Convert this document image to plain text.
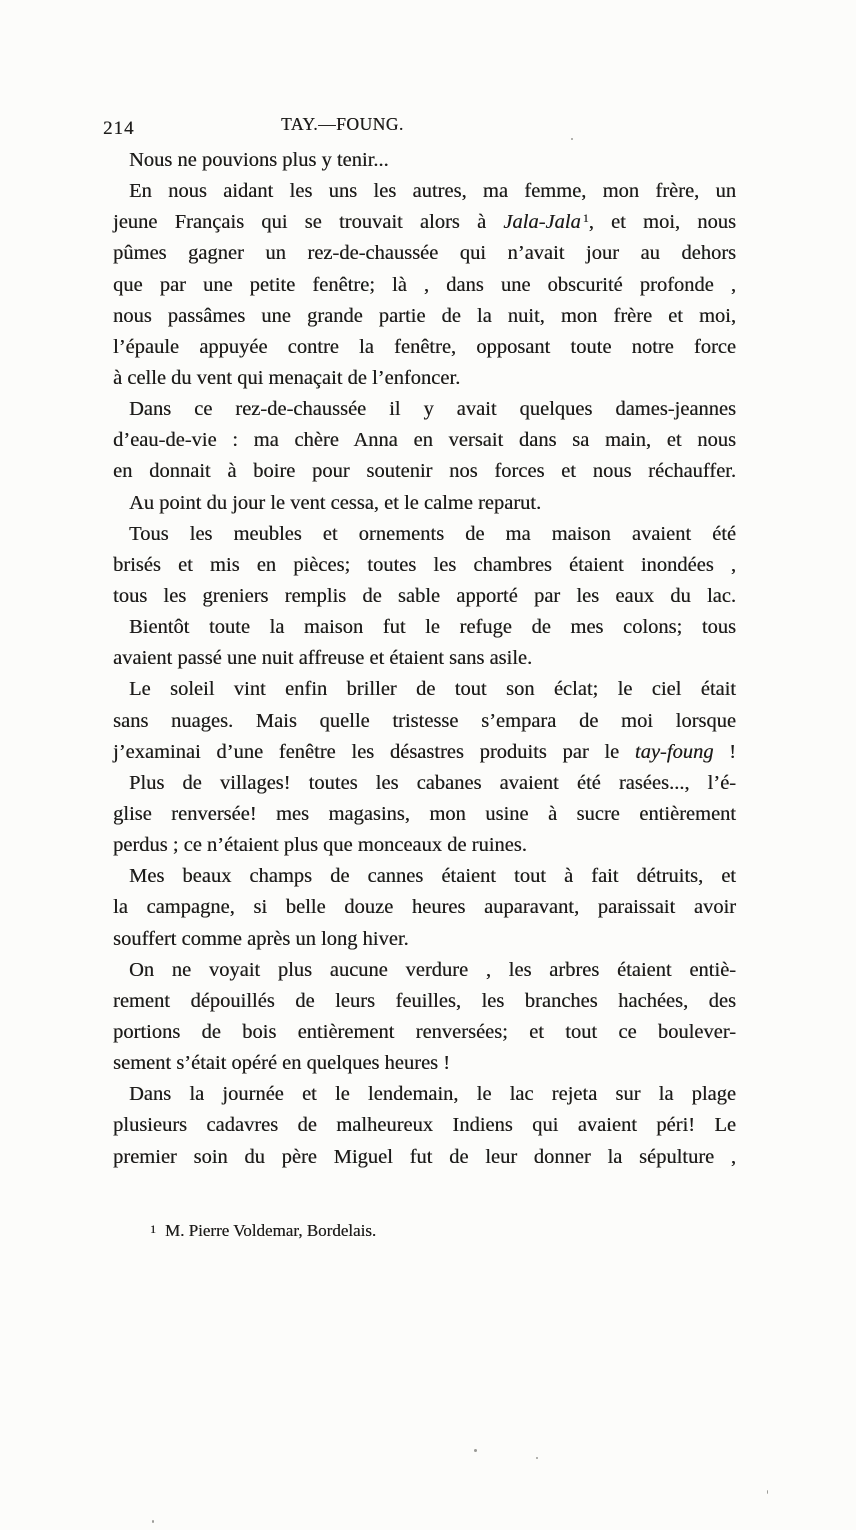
214	TAY.—FOUNG.
Nous ne pouvions plus y tenir...
En nous aidant les uns les autres, ma femme, mon frère, un
jeune Français qui se trouvait alors à Jala-Jala $^1$, et moi, nous
pûmes gagner un rez-de-chaussée qui n’avait jour au dehors
que par une petite fenêtre; là , dans une obscurité profonde ,
nous passâmes une grande partie de la nuit, mon frère et moi,
l’épaule appuyée contre la fenêtre, opposant toute notre force
à celle du vent qui menaçait de l’enfoncer.
Dans ce rez-de-chaussée il y avait quelques dames-jeannes
d’eau-de-vie : ma chère Anna en versait dans sa main, et nous
en donnait à boire pour soutenir nos forces et nous réchauffer.
Au point du jour le vent cessa, et le calme reparut.
Tous les meubles et ornements de ma maison avaient été
brisés et mis en pièces; toutes les chambres étaient inondées ,
tous les greniers remplis de sable apporté par les eaux du lac.
Bientôt toute la maison fut le refuge de mes colons; tous
avaient passé une nuit affreuse et étaient sans asile.
Le soleil vint enfin briller de tout son éclat; le ciel était
sans nuages. Mais quelle tristesse s’empara de moi lorsque
j’examinai d’une fenêtre les désastres produits par le tay-foung !
Plus de villages! toutes les cabanes avaient été rasées..., l’é-
glise renversée! mes magasins, mon usine à sucre entièrement
perdus ; ce n’étaient plus que monceaux de ruines.
Mes beaux champs de cannes étaient tout à fait détruits, et
la campagne, si belle douze heures auparavant, paraissait avoir
souffert comme après un long hiver.
On ne voyait plus aucune verdure , les arbres étaient entiè-
rement dépouillés de leurs feuilles, les branches hachées, des
portions de bois entièrement renversées; et tout ce boulever-
sement s’était opéré en quelques heures !
Dans la journée et le lendemain, le lac rejeta sur la plage
plusieurs cadavres de malheureux Indiens qui avaient péri! Le
premier soin du père Miguel fut de leur donner la sépulture ,
1 M. Pierre Voldemar, Bordelais.
